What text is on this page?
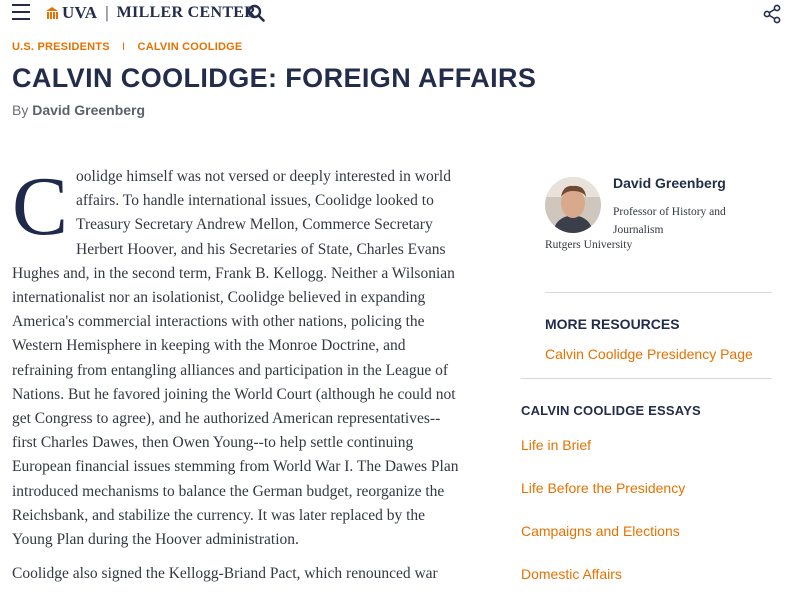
UVA | MILLER CENTER
U.S. PRESIDENTS I CALVIN COOLIDGE
CALVIN COOLIDGE: FOREIGN AFFAIRS
By David Greenberg

Coolidge himself was not versed or deeply interested in world affairs. To handle international issues, Coolidge looked to Treasury Secretary Andrew Mellon, Commerce Secretary Herbert Hoover, and his Secretaries of State, Charles Evans Hughes and, in the second term, Frank B. Kellogg. Neither a Wilsonian internationalist nor an isolationist, Coolidge believed in expanding America's commercial interactions with other nations, policing the Western Hemisphere in keeping with the Monroe Doctrine, and refraining from entangling alliances and participation in the League of Nations. But he favored joining the World Court (although he could not get Congress to agree), and he authorized American representatives--first Charles Dawes, then Owen Young--to help settle continuing European financial issues stemming from World War I. The Dawes Plan introduced mechanisms to balance the German budget, reorganize the Reichsbank, and stabilize the currency. It was later replaced by the Young Plan during the Hoover administration.

Coolidge also signed the Kellogg-Briand Pact, which renounced war

David Greenberg
Professor of History and Journalism
Rutgers University
MORE RESOURCES
Calvin Coolidge Presidency Page
CALVIN COOLIDGE ESSAYS
Life in Brief
Life Before the Presidency
Campaigns and Elections
Domestic Affairs
